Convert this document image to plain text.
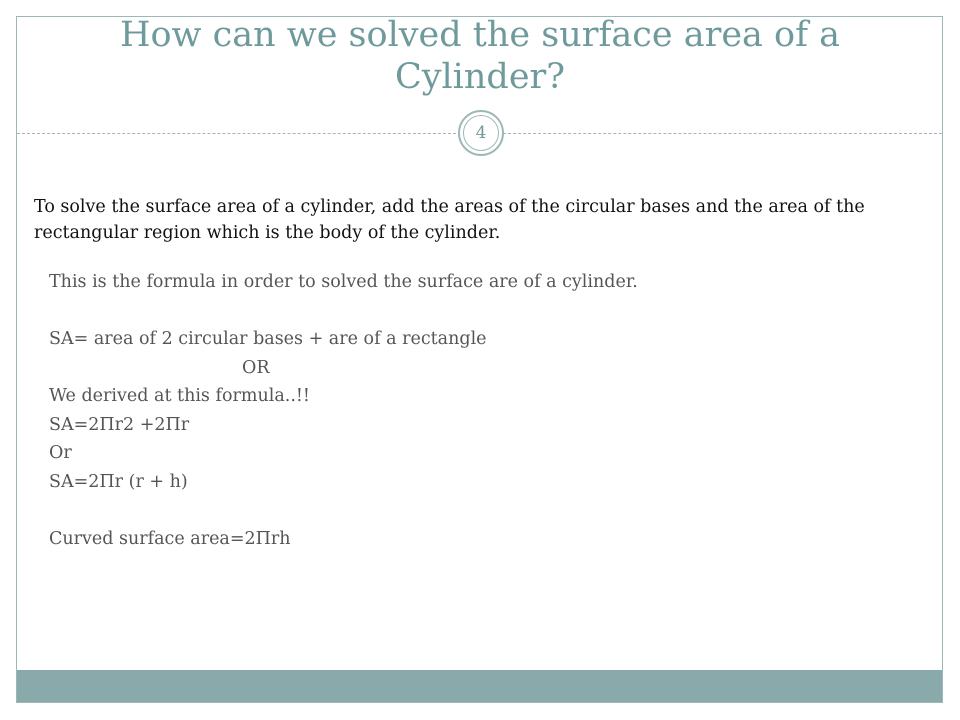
How can we solved the surface area of a Cylinder?
4
To solve the surface area of a cylinder, add the areas of the circular bases and the area of the rectangular region which is the body of the cylinder.
This is the formula in order to solved the surface are of a cylinder.
SA= area of 2 circular bases + are of a rectangle
OR
We derived at this formula..!!
SA=2Πr2 +2Πr
Or
SA=2Πr (r + h)
Curved surface area=2Πrh
